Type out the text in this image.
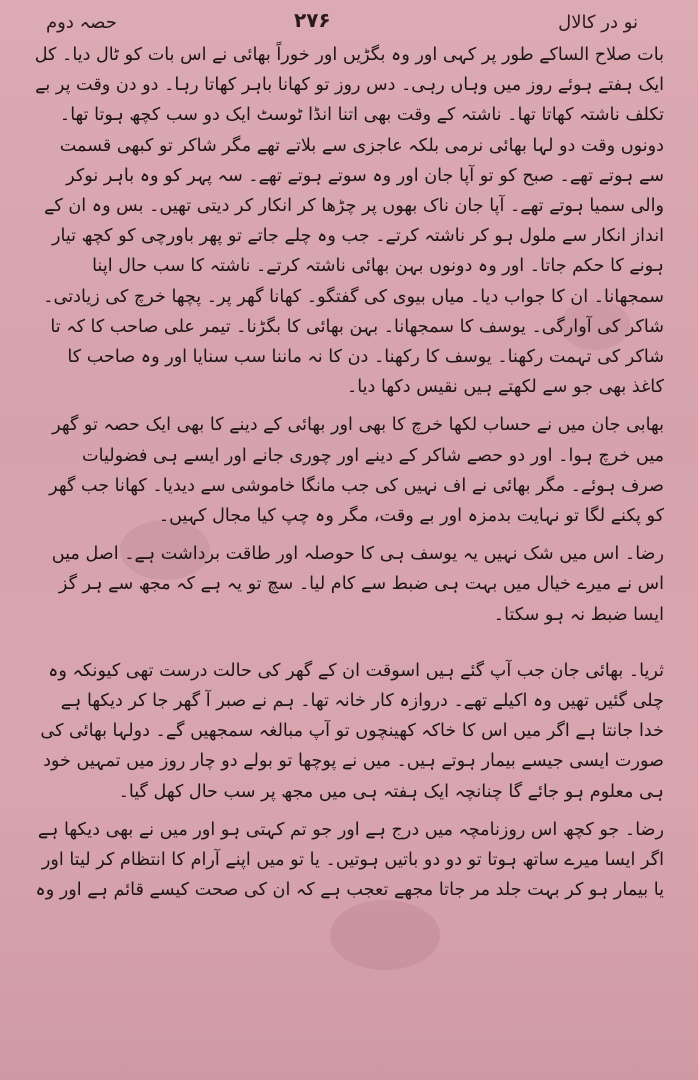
حصہ دوم	۲۷۶	نو در کالال

بات صلاح الساکے طور پر کہی اور وہ بگڑیں اور خوراً بھائی نے اس بات کو ٹال دیا۔ کل ایک ہفتے ہوئے روز میں وہاں رہی۔ دس روز تو کھانا باہر کھاتا رہا۔ دو دن وقت پر بے تکلف ناشتہ کھاتا تھا۔ ناشتہ کے وقت بھی اتنا انڈا ٹوسٹ ایک دو سب کچھ ہوتا تھا۔ دونوں وقت دو لہا بھائی نرمی بلکہ عاجزی سے بلاتے تھے مگر شاکر تو کبھی قسمت سے ہوتے تھے۔ صبح کو تو آپا جان اور وہ سوتے ہوتے تھے۔ سہ پہر کو وہ باہر نوکر والی سمیا ہوتے تھے۔ آپا جان ناک بھوں پر چڑھا کر انکار کر دیتی تھیں۔ بس وہ ان کے انداز انکار سے ملول ہو کر ناشتہ کرتے۔ جب وہ چلے جاتے تو پھر باورچی کو کچھ تیار ہونے کا حکم جاتا۔ اور وہ دونوں بہن بھائی ناشتہ کرتے۔ ناشتہ کا سب حال اپنا سمجھانا۔ ان کا جواب دیا۔ میاں بیوی کی گفتگو۔ کھانا گھر پر۔ پچھا خرچ کی زیادتی۔ شاکر کی آوارگی۔ یوسف کا سمجھانا۔ بہن بھائی کا بگڑنا۔ تیمر علی صاحب کا کہ تا شاکر کی تہمت رکھنا۔ یوسف کا رکھنا۔ دن کا نہ ماننا سب سنایا اور وہ صاحب کا کاغذ بھی جو سے لکھتے ہیں نقیس دکھا دیا۔

بھابی جان میں نے حساب لکھا خرچ کا بھی اور بھائی کے دینے کا بھی ایک حصہ تو گھر میں خرچ ہوا۔ اور دو حصے شاکر کے دینے اور چوری جانے اور ایسے ہی فضولیات صرف ہوئے۔ مگر بھائی نے اف نہیں کی جب مانگا خاموشی سے دیدیا۔ کھانا جب گھر کو پکنے لگا تو نہایت بدمزہ اور بے وقت، مگر وہ چپ کیا مجال کہیں۔

رضا۔ اس میں شک نہیں یہ یوسف ہی کا حوصلہ اور طاقت برداشت ہے۔ اصل میں اس نے میرے خیال میں بہت ہی ضبط سے کام لیا۔ سچ تو یہ ہے کہ مجھ سے ہر گز ایسا ضبط نہ ہو سکتا۔

ثریا۔ بھائی جان جب آپ گئے ہیں اسوقت ان کے گھر کی حالت درست تھی کیونکہ وہ چلی گئیں تھیں وہ اکیلے تھے۔ دروازہ کار خانہ تھا۔ ہم نے صبر آ گھر جا کر دیکھا ہے خدا جانتا ہے اگر میں اس کا خاکہ کھینچوں تو آپ مبالغہ سمجھیں گے۔ دولہا بھائی کی صورت ایسی جیسے بیمار ہوتے ہیں۔ میں نے پوچھا تو بولے دو چار روز میں تمہیں خود ہی معلوم ہو جائے گا چنانچہ ایک ہفتہ ہی میں مجھ پر سب حال کھل گیا۔

رضا۔ جو کچھ اس روزنامچہ میں درج ہے اور جو تم کہتی ہو اور میں نے بھی دیکھا ہے اگر ایسا میرے ساتھ ہوتا تو دو دو باتیں ہوتیں۔ یا تو میں اپنے آرام کا انتظام کر لیتا اور یا بیمار ہو کر بہت جلد مر جاتا مجھے تعجب ہے کہ ان کی صحت کیسے قائم ہے اور وہ
